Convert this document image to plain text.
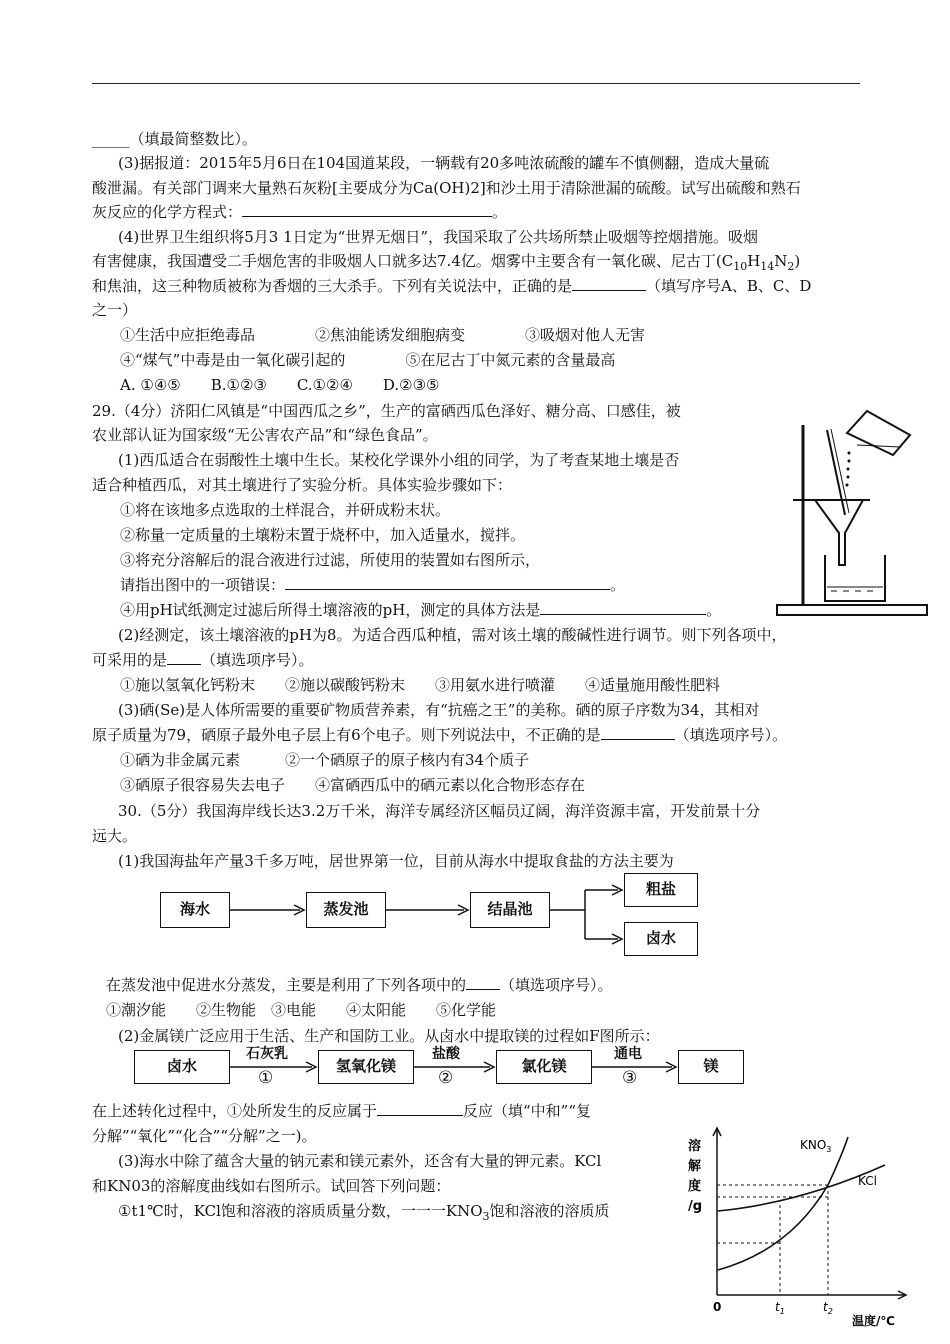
_____（填最简整数比）。
(3)据报道：2015年5月6日在104国道某段，一辆载有20多吨浓硫酸的罐车不慎侧翻，造成大量硫
酸泄漏。有关部门调来大量熟石灰粉[主要成分为Ca(OH)2]和沙土用于清除泄漏的硫酸。试写出硫酸和熟石
灰反应的化学方程式：	。
(4)世界卫生组织将5月3 1日定为“世界无烟日”，我国采取了公共场所禁止吸烟等控烟措施。吸烟
有害健康，我国遭受二手烟危害的非吸烟人口就多达7.4亿。烟雾中主要含有一氧化碳、尼古丁$(C_{10}H_{14}N_2)$
和焦油，这三种物质被称为香烟的三大杀手。下列有关说法中，正确的是	（填写序号A、B、C、D
之一）
①生活中应拒绝毒品　　　　②焦油能诱发细胞病变　　　　③吸烟对他人无害
④“煤气”中毒是由一氧化碳引起的　　　　⑤在尼古丁中氮元素的含量最高
A. ①④⑤　　B.①②③　　C.①②④　　D.②③⑤
29.（4分）济阳仁风镇是“中国西瓜之乡”，生产的富硒西瓜色泽好、糖分高、口感佳，被
农业部认证为国家级“无公害农产品”和“绿色食品”。
(1)西瓜适合在弱酸性土壤中生长。某校化学课外小组的同学，为了考查某地土壤是否
适合种植西瓜，对其土壤进行了实验分析。具体实验步骤如下：
①将在该地多点选取的土样混合，并研成粉末状。
②称量一定质量的土壤粉末置于烧杯中，加入适量水，搅拌。
③将充分溶解后的混合液进行过滤，所使用的装置如右图所示，
请指出图中的一项错误：	。
④用pH试纸测定过滤后所得土壤溶液的pH，测定的具体方法是	。
(2)经测定，该土壤溶液的pH为8。为适合西瓜种植，需对该土壤的酸碱性进行调节。则下列各项中，
可采用的是 （填选项序号）。
①施以氢氧化钙粉末　　②施以碳酸钙粉末　　③用氨水进行喷灌　　④适量施用酸性肥料
(3)硒(Se)是人体所需要的重要矿物质营养素，有“抗癌之王”的美称。硒的原子序数为34，其相对
原子质量为79，硒原子最外电子层上有6个电子。则下列说法中，不正确的是	（填选项序号）。
①硒为非金属元素　　　②一个硒原子的原子核内有34个质子
③硒原子很容易失去电子　　④富硒西瓜中的硒元素以化合物形态存在
30.（5分）我国海岸线长达3.2万千米，海洋专属经济区幅员辽阔，海洋资源丰富，开发前景十分
远大。
(1)我国海盐年产量3千多万吨，居世界第一位，目前从海水中提取食盐的方法主要为
海水	蒸发池	结晶池
粗盐
卤水
在蒸发池中促进水分蒸发，主要是利用了下列各项中的 （填选项序号）。
①潮汐能　　②生物能　③电能　　④太阳能　　⑤化学能
(2)金属镁广泛应用于生活、生产和国防工业。从卤水中提取镁的过程如F图所示：
卤水	氢氧化镁	氯化镁	镁
石灰乳
①
盐酸
②
通电
③
在上述转化过程中，①处所发生的反应属于	反应（填“中和”“复
分解”“氧化”“化合”“分解”之一)。
(3)海水中除了蕴含大量的钠元素和镁元素外，还含有大量的钾元素。KCl
和KN03的溶解度曲线如右图所示。试回答下列问题：
①t1℃时，KCl饱和溶液的溶质质量分数，一一一$KNO_3$饱和溶液的溶质质
溶
解
度
/g
$KNO_3$
KCl
0	$t_1$	$t_2$
温度/℃
